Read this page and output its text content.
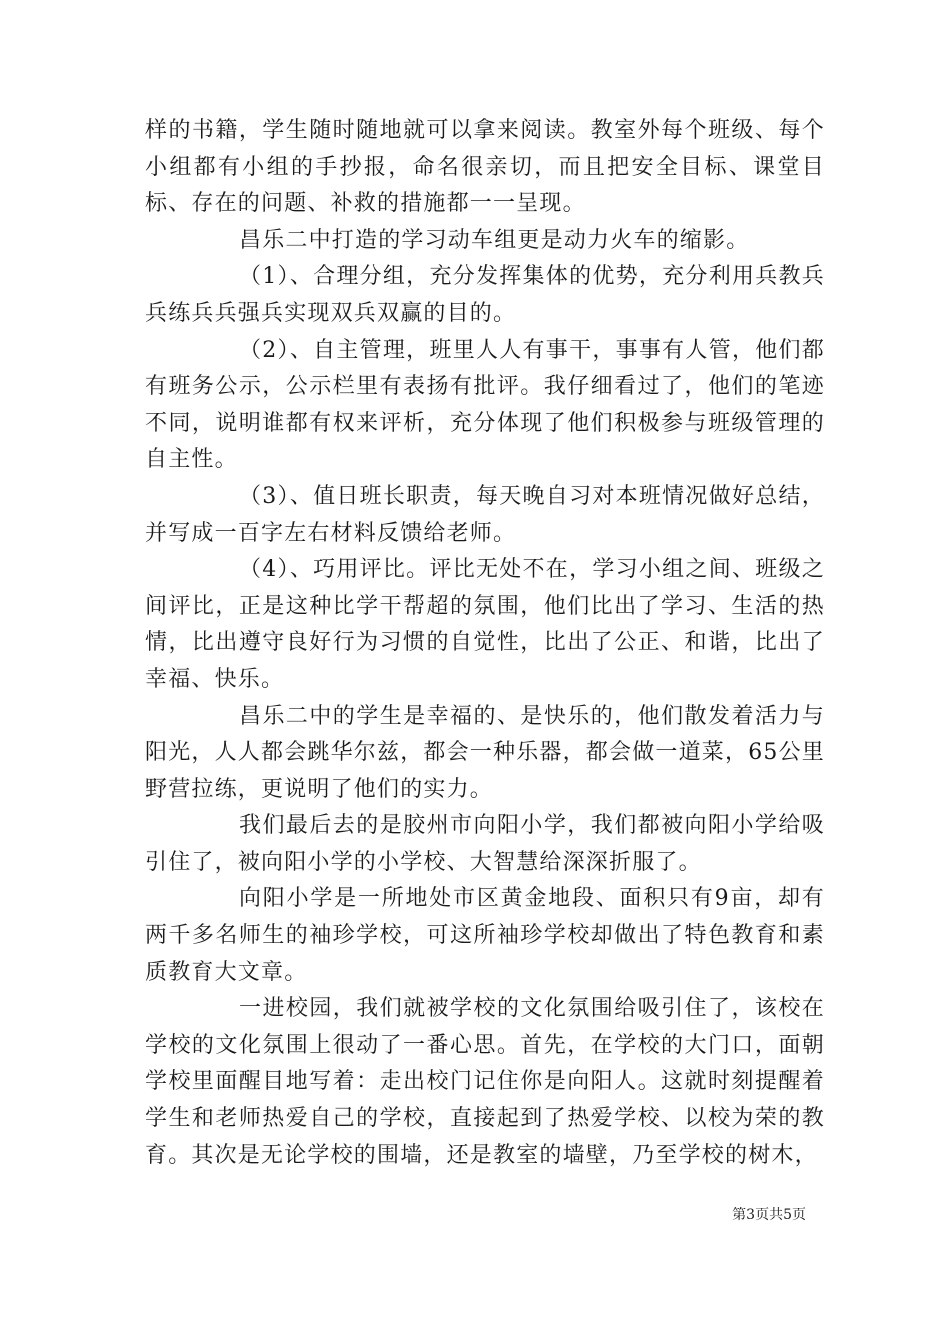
样的书籍，学生随时随地就可以拿来阅读。教室外每个班级、每个小组都有小组的手抄报，命名很亲切，而且把安全目标、课堂目标、存在的问题、补救的措施都一一呈现。

昌乐二中打造的学习动车组更是动力火车的缩影。

（1）、合理分组，充分发挥集体的优势，充分利用兵教兵兵练兵兵强兵实现双兵双赢的目的。

（2）、自主管理，班里人人有事干，事事有人管，他们都有班务公示，公示栏里有表扬有批评。我仔细看过了，他们的笔迹不同，说明谁都有权来评析，充分体现了他们积极参与班级管理的自主性。

（3）、值日班长职责，每天晚自习对本班情况做好总结，并写成一百字左右材料反馈给老师。

（4）、巧用评比。评比无处不在，学习小组之间、班级之间评比，正是这种比学干帮超的氛围，他们比出了学习、生活的热情，比出遵守良好行为习惯的自觉性，比出了公正、和谐，比出了幸福、快乐。

昌乐二中的学生是幸福的、是快乐的，他们散发着活力与阳光，人人都会跳华尔兹，都会一种乐器，都会做一道菜，65公里野营拉练，更说明了他们的实力。

我们最后去的是胶州市向阳小学，我们都被向阳小学给吸引住了，被向阳小学的小学校、大智慧给深深折服了。

向阳小学是一所地处市区黄金地段、面积只有9亩，却有两千多名师生的袖珍学校，可这所袖珍学校却做出了特色教育和素质教育大文章。

一进校园，我们就被学校的文化氛围给吸引住了，该校在学校的文化氛围上很动了一番心思。首先，在学校的大门口，面朝学校里面醒目地写着：走出校门记住你是向阳人。这就时刻提醒着学生和老师热爱自己的学校，直接起到了热爱学校、以校为荣的教育。其次是无论学校的围墙，还是教室的墙壁，乃至学校的树木，

第3页共5页
